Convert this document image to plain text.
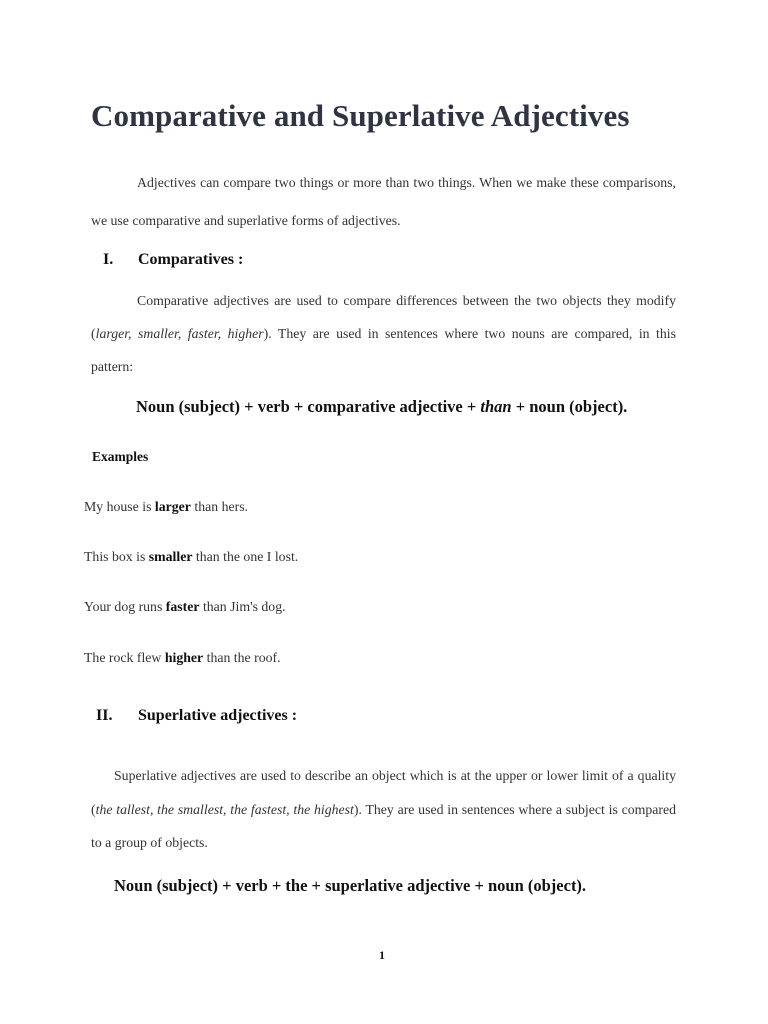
Comparative and Superlative Adjectives

Adjectives can compare two things or more than two things. When we make these comparisons, we use comparative and superlative forms of adjectives.

I. Comparatives :

Comparative adjectives are used to compare differences between the two objects they modify (larger, smaller, faster, higher). They are used in sentences where two nouns are compared, in this pattern:

Noun (subject) + verb + comparative adjective + than + noun (object).

Examples

My house is larger than hers.

This box is smaller than the one I lost.

Your dog runs faster than Jim's dog.

The rock flew higher than the roof.

II. Superlative adjectives :

Superlative adjectives are used to describe an object which is at the upper or lower limit of a quality (the tallest, the smallest, the fastest, the highest). They are used in sentences where a subject is compared to a group of objects.

Noun (subject) + verb + the + superlative adjective + noun (object).

1
